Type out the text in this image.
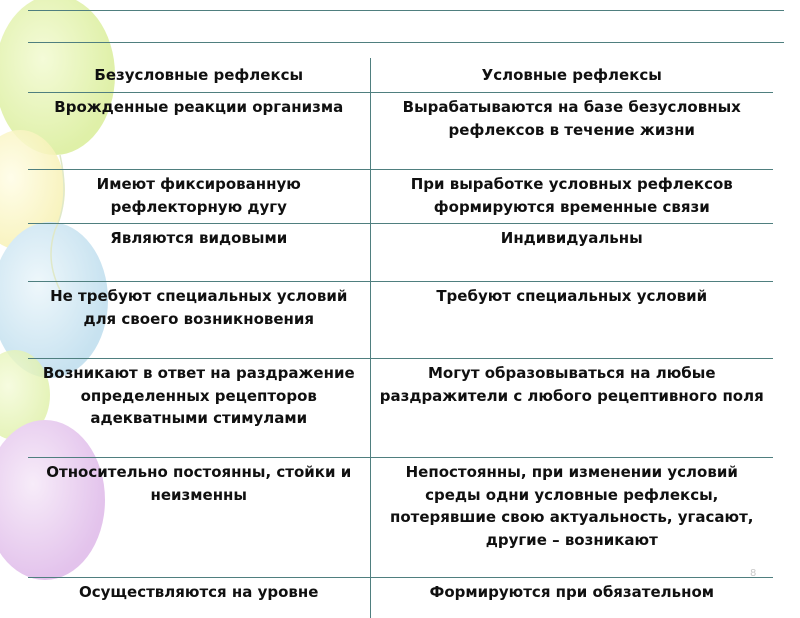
Безусловные рефлексы	Условные рефлексы
Врожденные реакции организма	Вырабатываются на базе безусловных рефлексов в течение жизни
Имеют фиксированную рефлекторную дугу	При выработке условных рефлексов формируются временные связи
Являются видовыми	Индивидуальны
Не требуют специальных условий для своего возникновения	Требуют специальных условий
Возникают в ответ на раздражение определенных рецепторов адекватными стимулами	Могут образовываться на любые раздражители с любого рецептивного поля
Относительно постоянны, стойки и неизменны	Непостоянны, при изменении условий среды одни условные рефлексы, потерявшие свою актуальность, угасают, другие – возникают
Осуществляются на уровне	Формируются при обязательном
8
